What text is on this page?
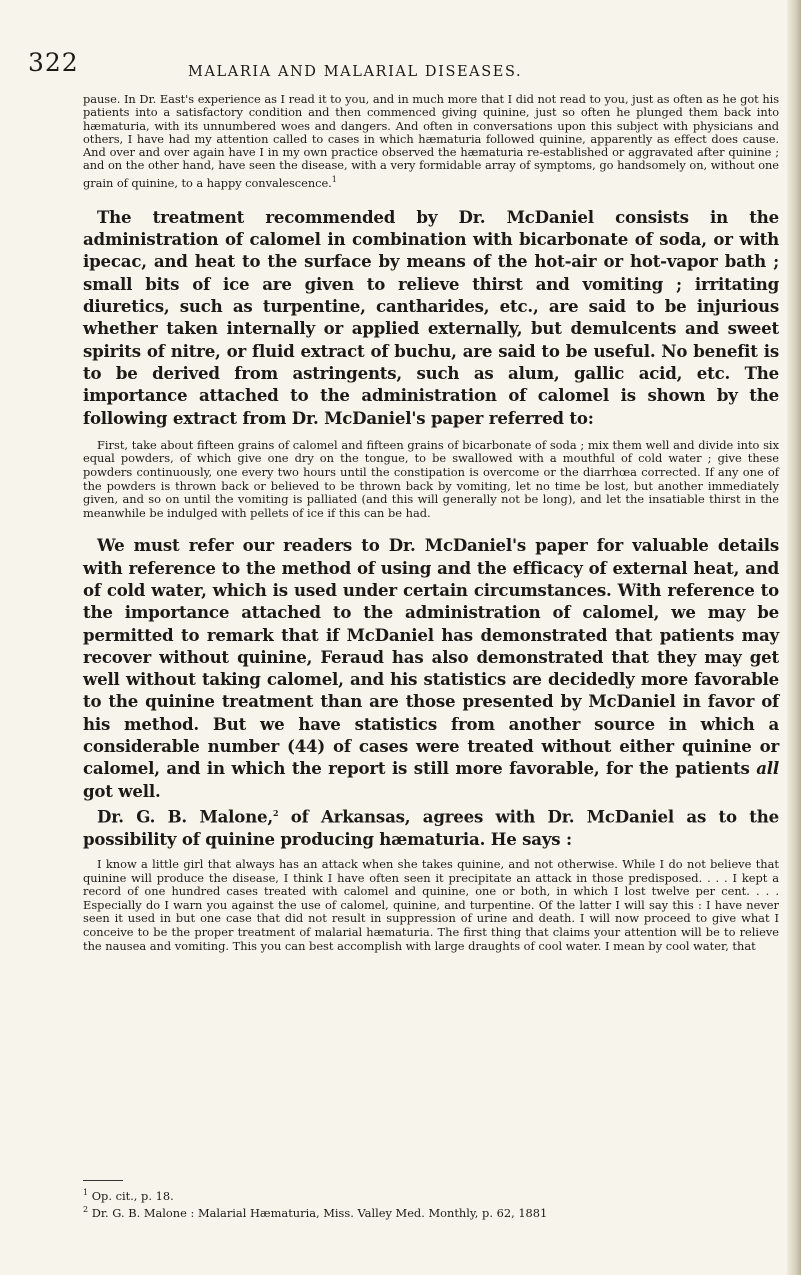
322	MALARIA AND MALARIAL DISEASES.

pause. In Dr. East's experience as I read it to you, and in much more that I did not read to you, just as often as he got his patients into a satisfactory condition and then commenced giving quinine, just so often he plunged them back into hæmaturia, with its unnumbered woes and dangers. And often in conversations upon this subject with physicians and others, I have had my attention called to cases in which hæmaturia followed quinine, apparently as effect does cause. And over and over again have I in my own practice observed the hæmaturia re-established or aggravated after quinine ; and on the other hand, have seen the disease, with a very formidable array of symptoms, go handsomely on, without one grain of quinine, to a happy convalescence.$^1$

The treatment recommended by Dr. McDaniel consists in the administration of calomel in combination with bicarbonate of soda, or with ipecac, and heat to the surface by means of the hot-air or hot-vapor bath ; small bits of ice are given to relieve thirst and vomiting ; irritating diuretics, such as turpentine, cantharides, etc., are said to be injurious whether taken internally or applied externally, but demulcents and sweet spirits of nitre, or fluid extract of buchu, are said to be useful. No benefit is to be derived from astringents, such as alum, gallic acid, etc. The importance attached to the administration of calomel is shown by the following extract from Dr. McDaniel's paper referred to:

First, take about fifteen grains of calomel and fifteen grains of bicarbonate of soda ; mix them well and divide into six equal powders, of which give one dry on the tongue, to be swallowed with a mouthful of cold water ; give these powders continuously, one every two hours until the constipation is overcome or the diarrhœa corrected. If any one of the powders is thrown back or believed to be thrown back by vomiting, let no time be lost, but another immediately given, and so on until the vomiting is palliated (and this will generally not be long), and let the insatiable thirst in the meanwhile be indulged with pellets of ice if this can be had.

We must refer our readers to Dr. McDaniel's paper for valuable details with reference to the method of using and the efficacy of external heat, and of cold water, which is used under certain circumstances. With reference to the importance attached to the administration of calomel, we may be permitted to remark that if McDaniel has demonstrated that patients may recover without quinine, Feraud has also demonstrated that they may get well without taking calomel, and his statistics are decidedly more favorable to the quinine treatment than are those presented by McDaniel in favor of his method. But we have statistics from another source in which a considerable number (44) of cases were treated without either quinine or calomel, and in which the report is still more favorable, for the patients all got well.

Dr. G. B. Malone,$^2$ of Arkansas, agrees with Dr. McDaniel as to the possibility of quinine producing hæmaturia. He says :

I know a little girl that always has an attack when she takes quinine, and not otherwise. While I do not believe that quinine will produce the disease, I think I have often seen it precipitate an attack in those predisposed. . . . I kept a record of one hundred cases treated with calomel and quinine, one or both, in which I lost twelve per cent. . . . Especially do I warn you against the use of calomel, quinine, and turpentine. Of the latter I will say this : I have never seen it used in but one case that did not result in suppression of urine and death. I will now proceed to give what I conceive to be the proper treatment of malarial hæmaturia. The first thing that claims your attention will be to relieve the nausea and vomiting. This you can best accomplish with large draughts of cool water. I mean by cool water, that

$^1$ Op. cit., p. 18.
$^2$ Dr. G. B. Malone : Malarial Hæmaturia, Miss. Valley Med. Monthly, p. 62, 1881
